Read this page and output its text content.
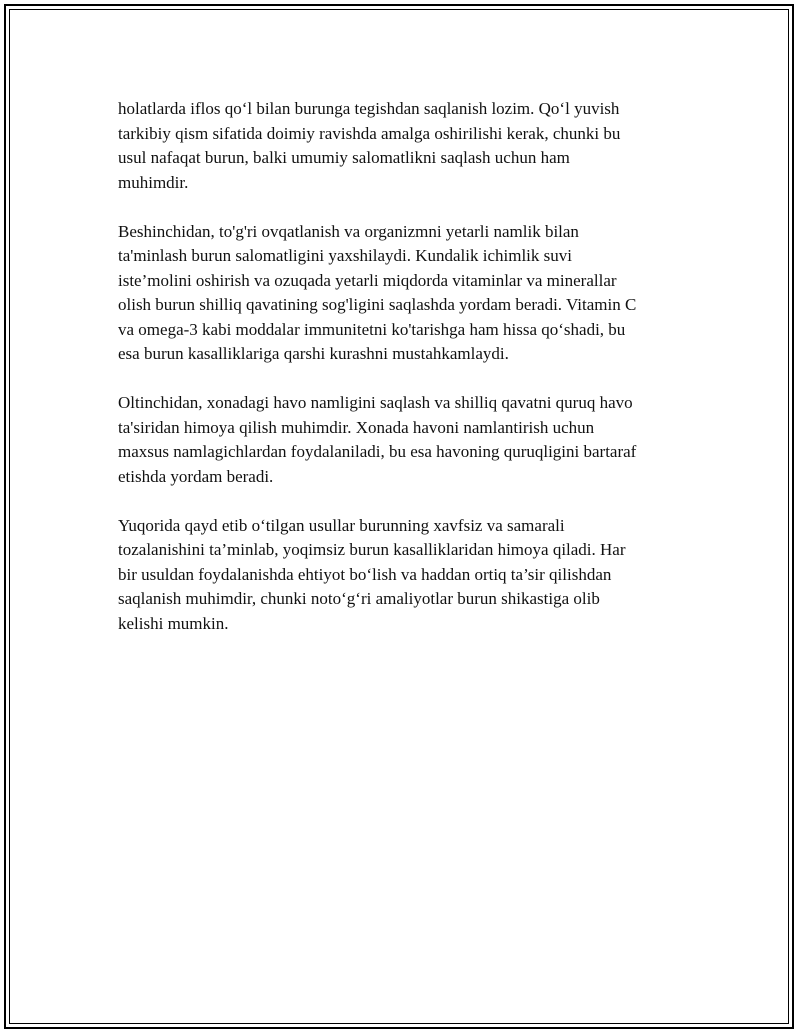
holatlarda iflos qo‘l bilan burunga tegishdan saqlanish lozim. Qo‘l yuvish
tarkibiy qism sifatida doimiy ravishda amalga oshirilishi kerak, chunki bu
usul nafaqat burun, balki umumiy salomatlikni saqlash uchun ham
muhimdir.

Beshinchidan, to'g'ri ovqatlanish va organizmni yetarli namlik bilan
ta'minlash burun salomatligini yaxshilaydi. Kundalik ichimlik suvi
iste’molini oshirish va ozuqada yetarli miqdorda vitaminlar va minerallar
olish burun shilliq qavatining sog'ligini saqlashda yordam beradi. Vitamin C
va omega-3 kabi moddalar immunitetni ko'tarishga ham hissa qo‘shadi, bu
esa burun kasalliklariga qarshi kurashni mustahkamlaydi.

Oltinchidan, xonadagi havo namligini saqlash va shilliq qavatni quruq havo
ta'siridan himoya qilish muhimdir. Xonada havoni namlantirish uchun
maxsus namlagichlardan foydalaniladi, bu esa havoning quruqligini bartaraf
etishda yordam beradi.

Yuqorida qayd etib o‘tilgan usullar burunning xavfsiz va samarali
tozalanishini ta’minlab, yoqimsiz burun kasalliklaridan himoya qiladi. Har
bir usuldan foydalanishda ehtiyot bo‘lish va haddan ortiq ta’sir qilishdan
saqlanish muhimdir, chunki noto‘g‘ri amaliyotlar burun shikastiga olib
kelishi mumkin.
